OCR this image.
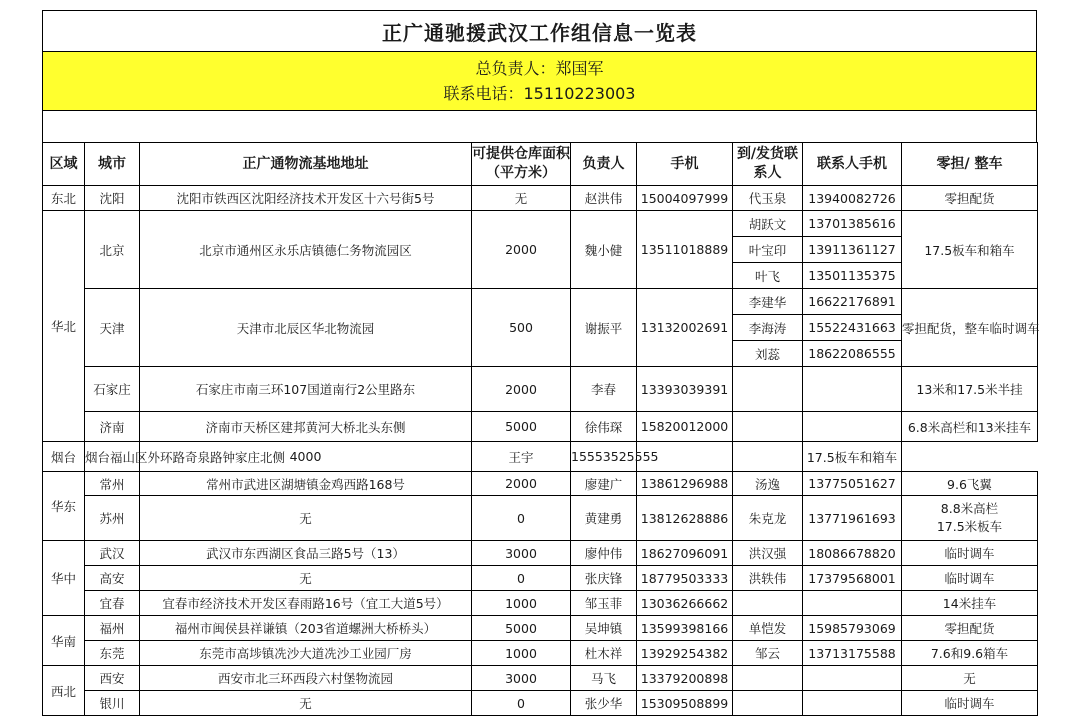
正广通驰援武汉工作组信息一览表
总负责人：郑国军
联系电话：15110223003
区域	城市	正广通物流基地地址	可提供仓库面积（平方米）	负责人	手机	到/发货联系人	联系人手机	零担/ 整车
东北	沈阳	沈阳市铁西区沈阳经济技术开发区十六号街5号	无	赵洪伟	15004097999	代玉泉	13940082726	零担配货
华北	北京	北京市通州区永乐店镇德仁务物流园区	2000	魏小健	13511018889	胡跃文	13701385616	17.5板车和箱车
						叶宝印	13911361127	
						叶飞	13501135375	
	天津	天津市北辰区华北物流园	500	谢振平	13132002691	李建华	16622176891	零担配货，整车临时调车
						李海涛	15522431663	
						刘蕊	18622086555	
	石家庄	石家庄市南三环107国道南行2公里路东	2000	李春	13393039391			13米和17.5米半挂
	济南	济南市天桥区建邦黄河大桥北头东侧	5000	徐伟琛	15820012000			6.8米高栏和13米挂车
烟台	烟台福山区外环路奇泉路钟家庄北侧	4000	王宇	15553525555			17.5板车和箱车	
华东	常州	常州市武进区湖塘镇金鸡西路168号	2000	廖建广	13861296988	汤逸	13775051627	9.6飞翼
	苏州	无	0	黄建勇	13812628886	朱克龙	13771961693	8.8米高栏
17.5米板车

华中	武汉	武汉市东西湖区食品三路5号（13）	3000	廖仲伟	18627096091	洪汉强	18086678820	临时调车
	高安	无	0	张庆锋	18779503333	洪轶伟	17379568001	临时调车
	宜春	宜春市经济技术开发区春雨路16号（宜工大道5号）	1000	邹玉菲	13036266662			14米挂车
华南	福州	福州市闽侯县祥谦镇（203省道螺洲大桥桥头）	5000	吴坤镇	13599398166	单恺发	15985793069	零担配货
	东莞	东莞市高埗镇冼沙大道冼沙工业园厂房	1000	杜木祥	13929254382	邹云	13713175588	7.6和9.6箱车
西北	西安	西安市北三环西段六村堡物流园	3000	马飞	13379200898			无
	银川	无	0	张少华	15309508899			临时调车
